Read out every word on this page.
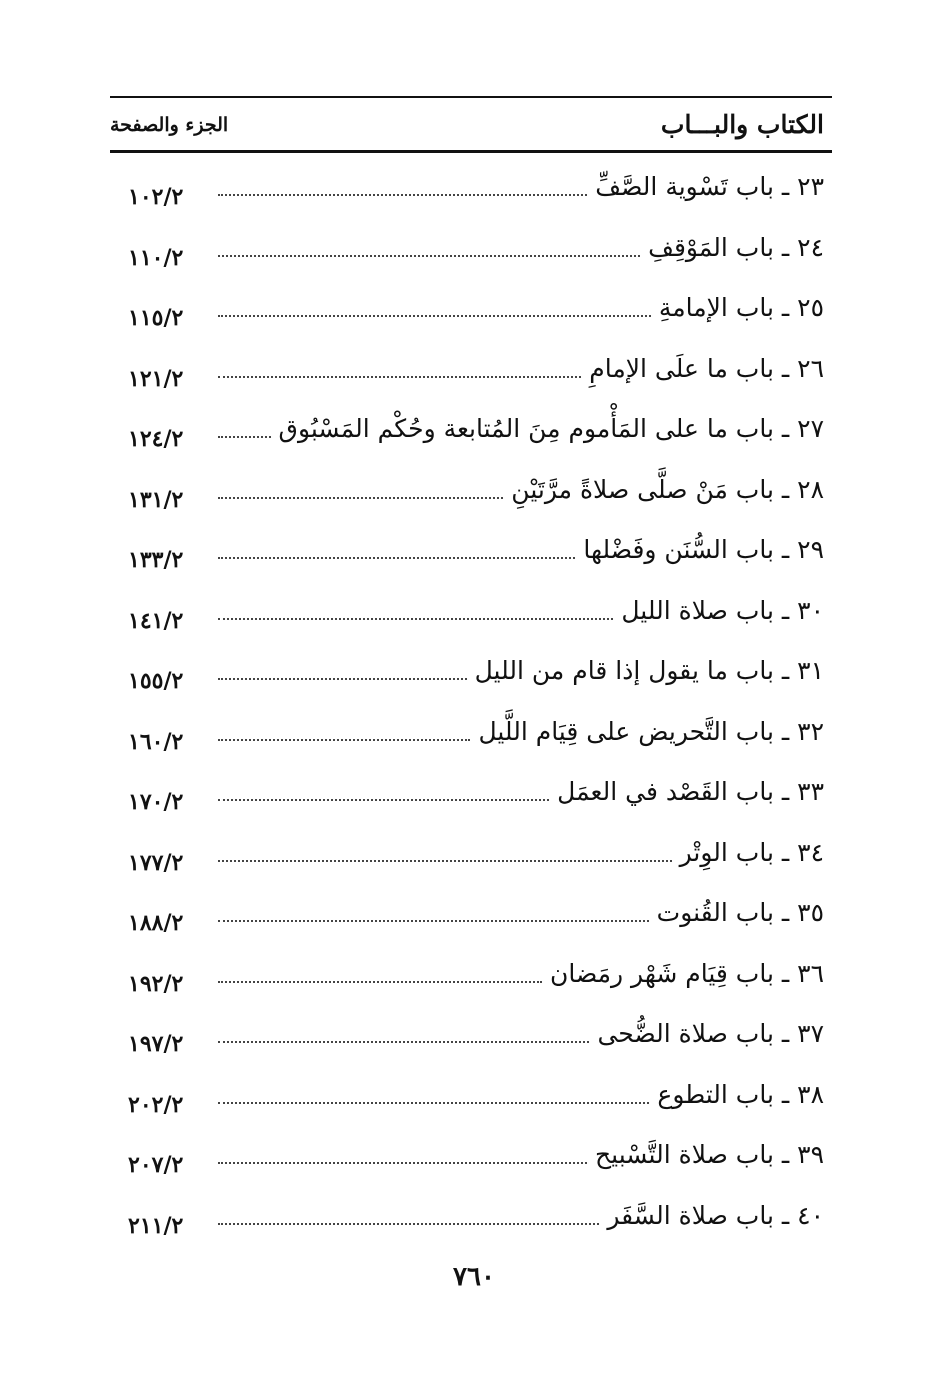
الكتاب والبـــاب
الجزء والصفحة
٢٣ ـ باب تَسْوية الصَّفِّ
١٠٢/٢
٢٤ ـ باب المَوْقِفِ
١١٠/٢
٢٥ ـ باب الإمامةِ
١١٥/٢
٢٦ ـ باب ما علَى الإمامِ
١٢١/٢
٢٧ ـ باب ما على المَأْموم مِنَ المُتابعة وحُكْم المَسْبُوق
١٢٤/٢
٢٨ ـ باب مَنْ صلَّى صلاةً مرَّتَيْنِ
١٣١/٢
٢٩ ـ باب السُّنَن وفَضْلها
١٣٣/٢
٣٠ ـ باب صلاة الليل
١٤١/٢
٣١ ـ باب ما يقول إذا قام من الليل
١٥٥/٢
٣٢ ـ باب التَّحريض على قِيَام اللَّيل
١٦٠/٢
٣٣ ـ باب القَصْد في العمَل
١٧٠/٢
٣٤ ـ باب الوِتْر
١٧٧/٢
٣٥ ـ باب القُنوت
١٨٨/٢
٣٦ ـ باب قِيَام شَهْر رمَضان
١٩٢/٢
٣٧ ـ باب صلاة الضُّحى
١٩٧/٢
٣٨ ـ باب التطوع
٢٠٢/٢
٣٩ ـ باب صلاة التَّسْبيح
٢٠٧/٢
٤٠ ـ باب صلاة السَّفَر
٢١١/٢
٧٦٠
